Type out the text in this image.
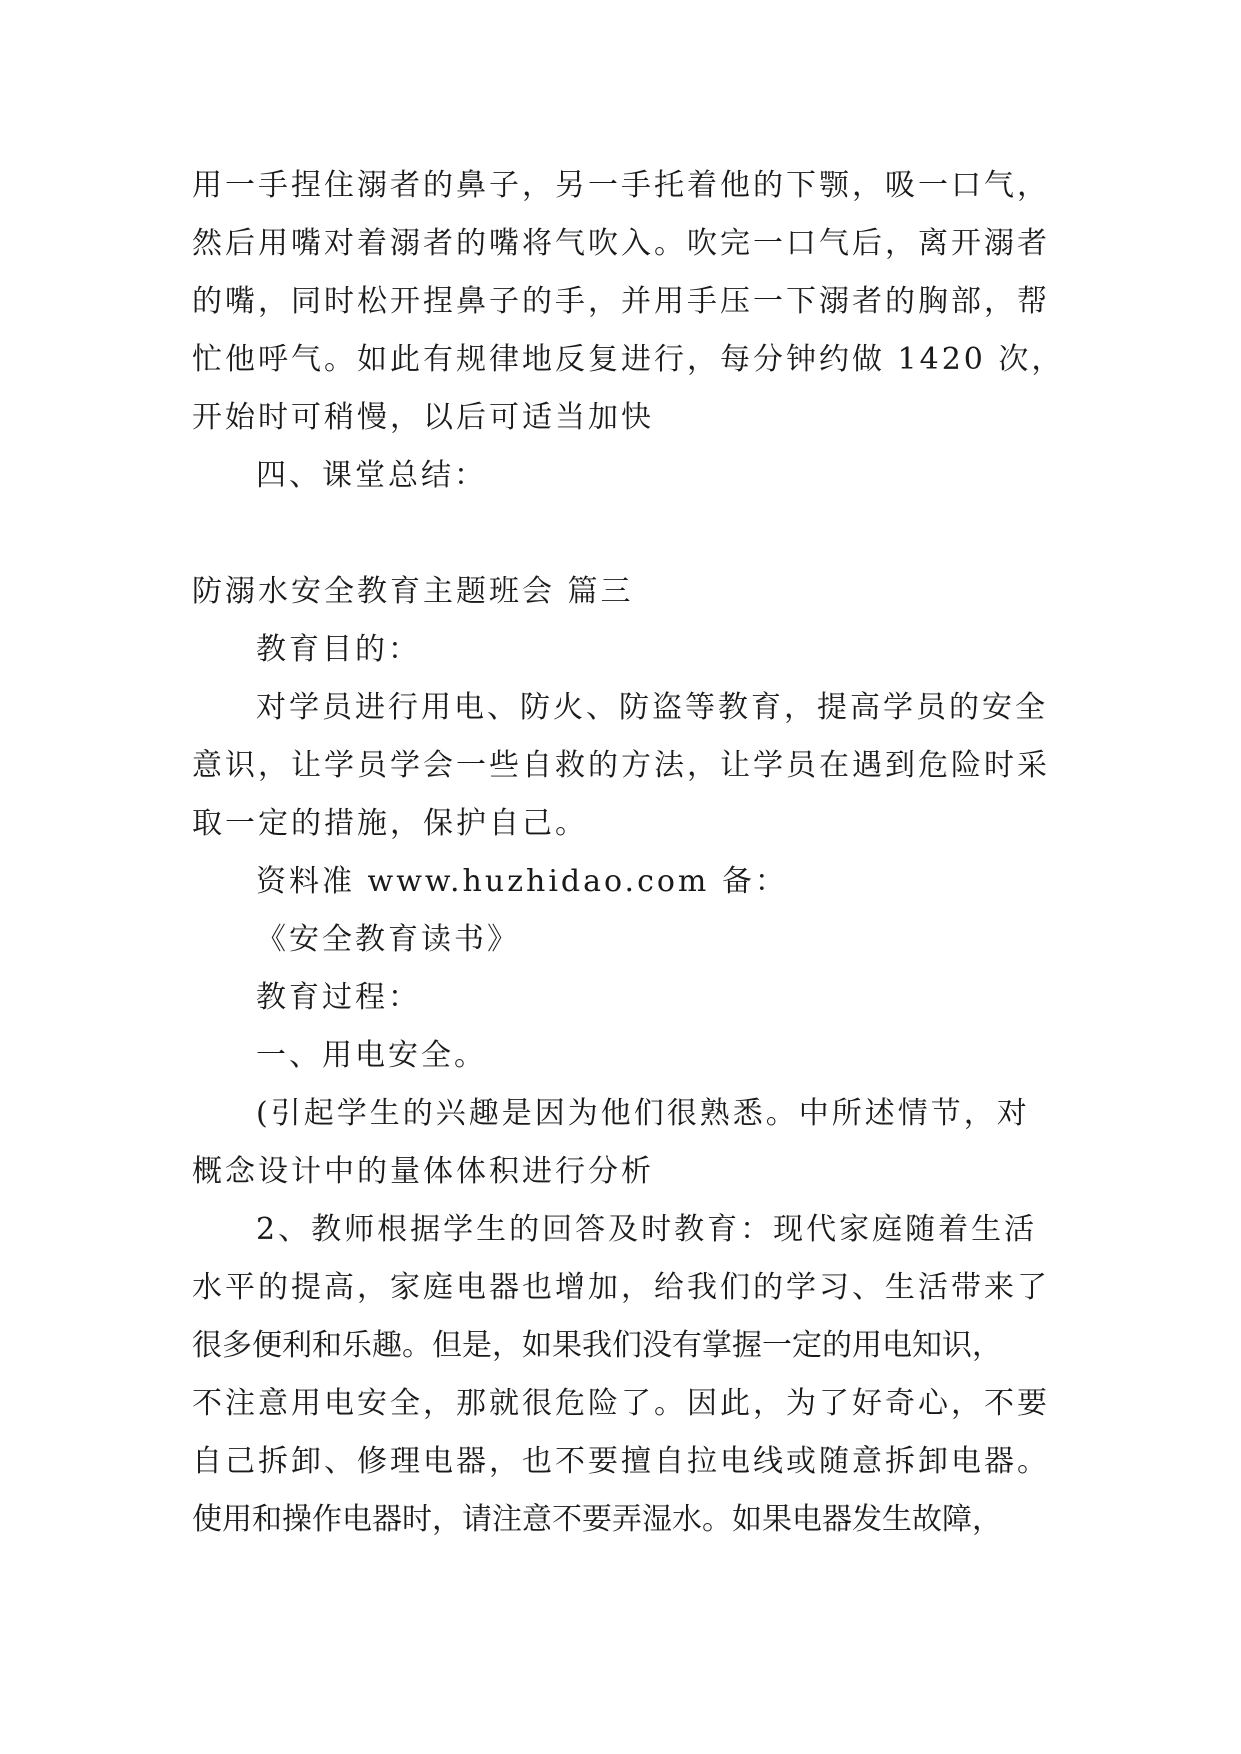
用一手捏住溺者的鼻子，另一手托着他的下颚，吸一口气，
然后用嘴对着溺者的嘴将气吹入。吹完一口气后，离开溺者
的嘴，同时松开捏鼻子的手，并用手压一下溺者的胸部，帮
忙他呼气。如此有规律地反复进行，每分钟约做 1420 次，
开始时可稍慢，以后可适当加快
四、课堂总结：
防溺水安全教育主题班会 篇三
教育目的：
对学员进行用电、防火、防盗等教育，提高学员的安全
意识，让学员学会一些自救的方法，让学员在遇到危险时采
取一定的措施，保护自己。
资料准 www.huzhidao.com 备：
《安全教育读书》
教育过程：
一、用电安全。
(引起学生的兴趣是因为他们很熟悉。中所述情节，对
概念设计中的量体体积进行分析
2、教师根据学生的回答及时教育：现代家庭随着生活
水平的提高，家庭电器也增加，给我们的学习、生活带来了
很多便利和乐趣。但是，如果我们没有掌握一定的用电知识，
不注意用电安全，那就很危险了。因此，为了好奇心，不要
自己拆卸、修理电器，也不要擅自拉电线或随意拆卸电器。
使用和操作电器时，请注意不要弄湿水。如果电器发生故障，
